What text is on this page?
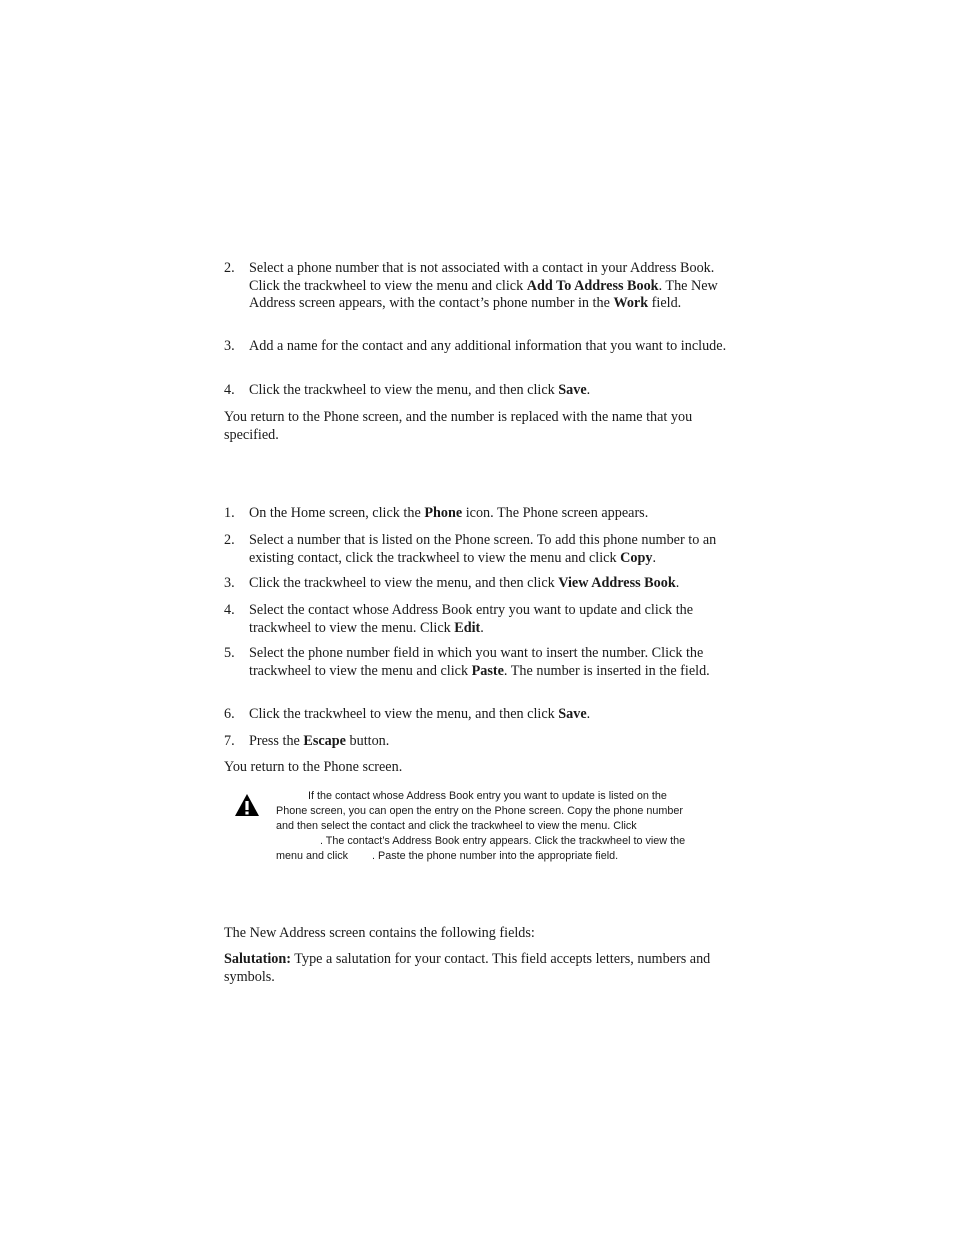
2.	Select a phone number that is not associated with a contact in your Address Book. Click the trackwheel to view the menu and click Add To Address Book. The New Address screen appears, with the contact’s phone number in the Work field.
3.	Add a name for the contact and any additional information that you want to include.
4.	Click the trackwheel to view the menu, and then click Save.
You return to the Phone screen, and the number is replaced with the name that you specified.
1.	On the Home screen, click the Phone icon. The Phone screen appears.
2.	Select a number that is listed on the Phone screen. To add this phone number to an existing contact, click the trackwheel to view the menu and click Copy.
3.	Click the trackwheel to view the menu, and then click View Address Book.
4.	Select the contact whose Address Book entry you want to update and click the trackwheel to view the menu. Click Edit.
5.	Select the phone number field in which you want to insert the number. Click the trackwheel to view the menu and click Paste. The number is inserted in the field.
6.	Click the trackwheel to view the menu, and then click Save.
7.	Press the Escape button.
You return to the Phone screen.
If the contact whose Address Book entry you want to update is listed on the
Phone screen, you can open the entry on the Phone screen. Copy the phone number
and then select the contact and click the trackwheel to view the menu. Click
. The contact’s Address Book entry appears. Click the trackwheel to view the
menu and click . Paste the phone number into the appropriate field.
The New Address screen contains the following fields:
Salutation: Type a salutation for your contact. This field accepts letters, numbers and symbols.
